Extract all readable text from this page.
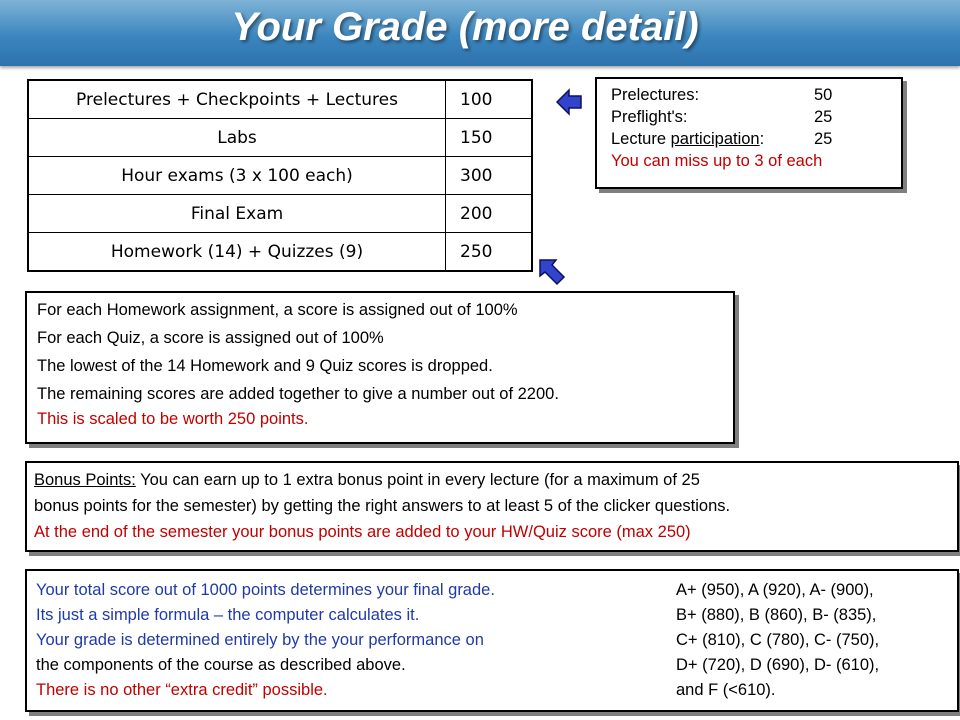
Your Grade (more detail)
Prelectures + Checkpoints + Lectures	100
Labs	150
Hour exams (3 x 100 each)	300
Final Exam	200
Homework (14) + Quizzes (9)	250
Prelectures:	50
Preflight's:	25
Lecture participation:	25
You can miss up to 3 of each
For each Homework assignment, a score is assigned out of 100%
For each Quiz, a score is assigned out of 100%
The lowest of the 14 Homework and 9 Quiz scores is dropped.
The remaining scores are added together to give a number out of 2200.
This is scaled to be worth 250 points.
Bonus Points: You can earn up to 1 extra bonus point in every lecture (for a maximum of 25
bonus points for the semester) by getting the right answers to at least 5 of the clicker questions.
At the end of the semester your bonus points are added to your HW/Quiz score (max 250)
Your total score out of 1000 points determines your final grade.
Its just a simple formula – the computer calculates it.
Your grade is determined entirely by the your performance on
the components of the course as described above.
There is no other “extra credit” possible.
A+ (950), A (920), A- (900),
B+ (880), B (860), B- (835),
C+ (810), C (780), C- (750),
D+ (720), D (690), D- (610),
and F (<610).
